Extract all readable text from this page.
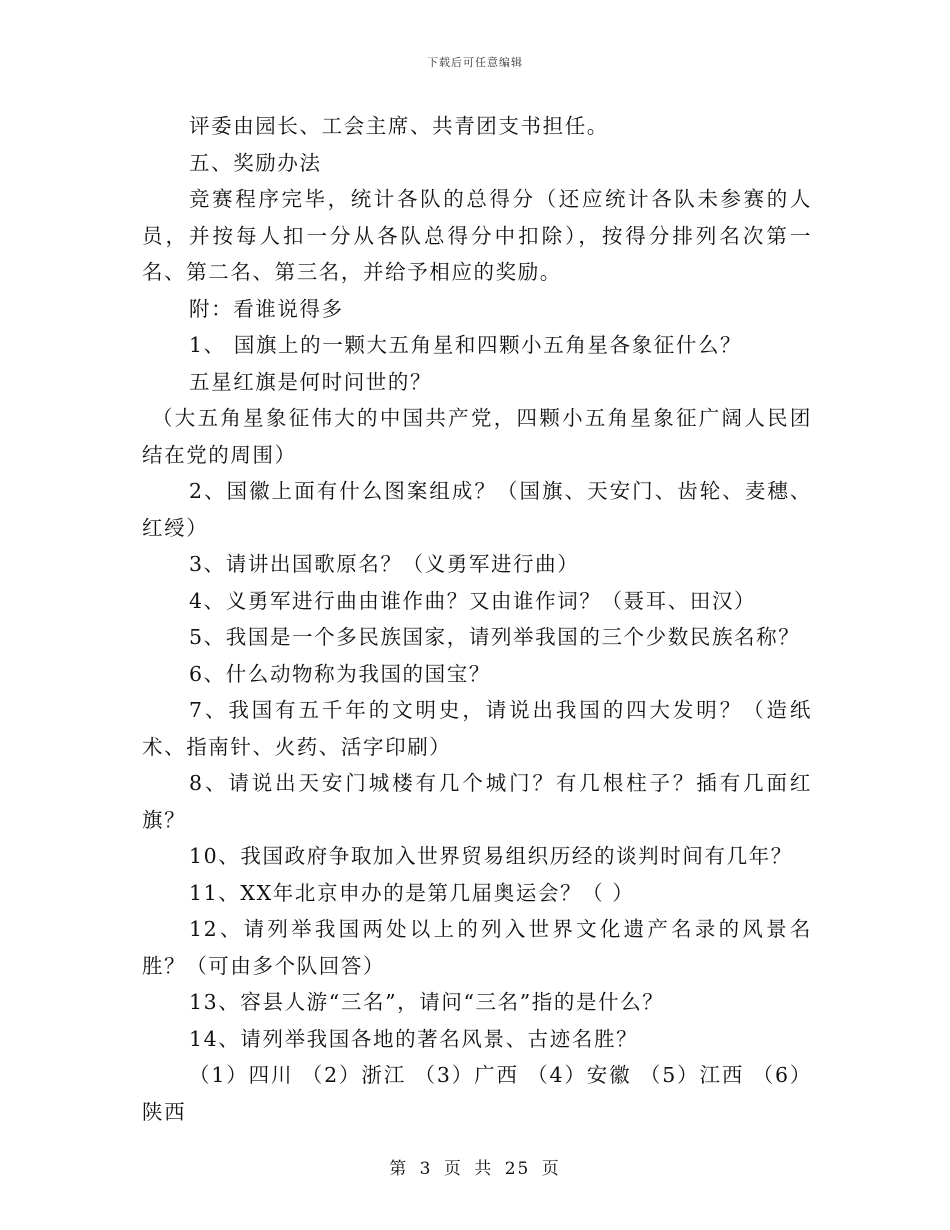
下载后可任意编辑

评委由园长、工会主席、共青团支书担任。

五、奖励办法

竞赛程序完毕，统计各队的总得分（还应统计各队未参赛的人员，并按每人扣一分从各队总得分中扣除），按得分排列名次第一名、第二名、第三名，并给予相应的奖励。

附：看谁说得多

1、 国旗上的一颗大五角星和四颗小五角星各象征什么？

五星红旗是何时问世的？

（大五角星象征伟大的中国共产党，四颗小五角星象征广阔人民团结在党的周围）

2、国徽上面有什么图案组成？（国旗、天安门、齿轮、麦穗、红绶）

3、请讲出国歌原名？（义勇军进行曲）

4、义勇军进行曲由谁作曲？又由谁作词？（聂耳、田汉）

5、我国是一个多民族国家，请列举我国的三个少数民族名称？

6、什么动物称为我国的国宝？

7、我国有五千年的文明史，请说出我国的四大发明？（造纸术、指南针、火药、活字印刷）

8、请说出天安门城楼有几个城门？有几根柱子？插有几面红旗？

10、我国政府争取加入世界贸易组织历经的谈判时间有几年？

11、XX年北京申办的是第几届奥运会？（ ）

12、请列举我国两处以上的列入世界文化遗产名录的风景名胜？（可由多个队回答）

13、容县人游“三名”，请问“三名”指的是什么？

14、请列举我国各地的著名风景、古迹名胜？

（1）四川 （2）浙江 （3）广西 （4）安徽 （5）江西 （6）陕西

第 3 页 共 25 页
